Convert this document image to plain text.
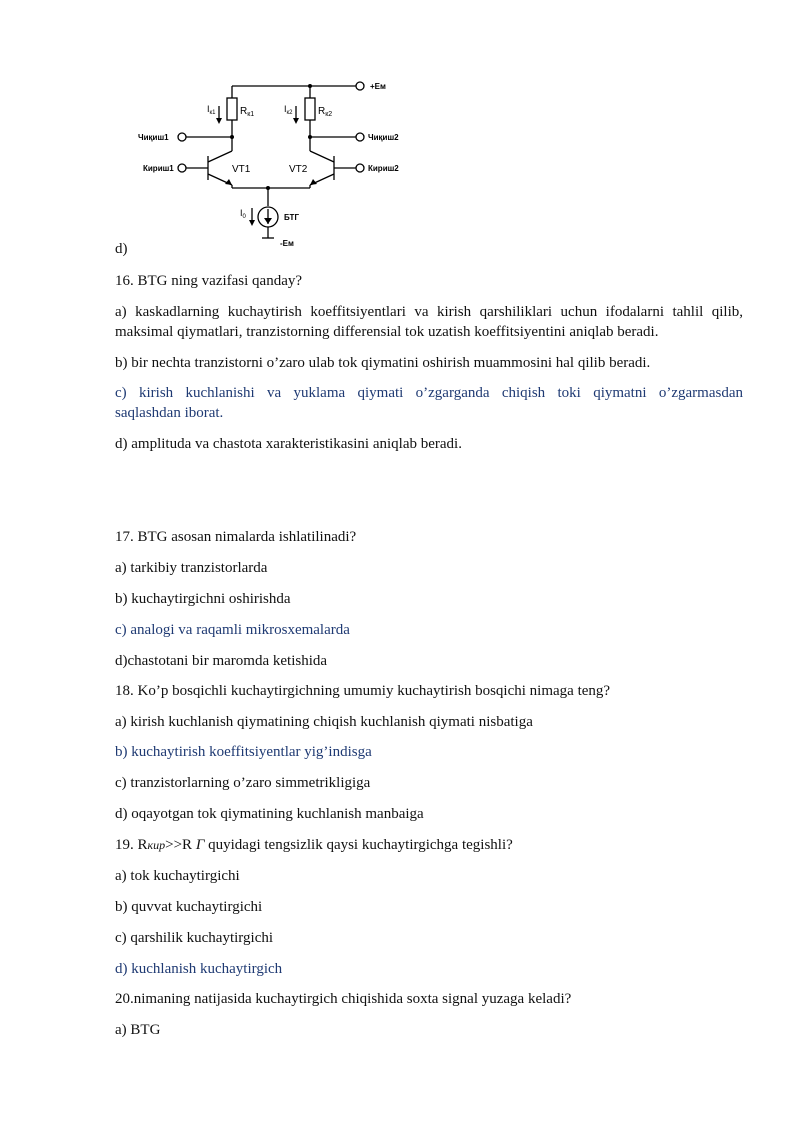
+Eм
-Eм
Чиқиш1	Чиқиш2
Кириш1	Кириш2
$R_{к1}$	$R_{к2}$
$I_{к1}$	$I_{к2}$
VT1	VT2
$I_0$	БТГ

d)

16. BTG ning vazifasi qanday?

a) kaskadlarning kuchaytirish koeffitsiyentlari va kirish qarshiliklari uchun ifodalarni tahlil qilib, maksimal qiymatlari, tranzistorning differensial tok uzatish koeffitsiyentini aniqlab beradi.

b) bir nechta tranzistorni o’zaro ulab tok qiymatini oshirish muammosini hal qilib beradi.

c) kirish kuchlanishi va yuklama qiymati o’zgarganda chiqish toki qiymatni o’zgarmasdan

saqlashdan iborat.

d) amplituda va chastota xarakteristikasini aniqlab beradi.

17. BTG asosan nimalarda ishlatilinadi?

a) tarkibiy tranzistorlarda

b) kuchaytirgichni oshirishda

c) analogi va raqamli mikrosxemalarda

d)chastotani bir maromda ketishida

18. Ko’p bosqichli kuchaytirgichning umumiy kuchaytirish bosqichi nimaga teng?

a) kirish kuchlanish qiymatining chiqish kuchlanish qiymati nisbatiga

b) kuchaytirish koeffitsiyentlar yig’indisga

c) tranzistorlarning o’zaro simmetrikligiga

d) oqayotgan tok qiymatining kuchlanish manbaiga

19. Rкир>>R Г quyidagi tengsizlik qaysi kuchaytirgichga tegishli?

a) tok kuchaytirgichi

b) quvvat kuchaytirgichi

c) qarshilik kuchaytirgichi

d) kuchlanish kuchaytirgich

20.nimaning natijasida kuchaytirgich chiqishida soxta signal yuzaga keladi?

a) BTG
